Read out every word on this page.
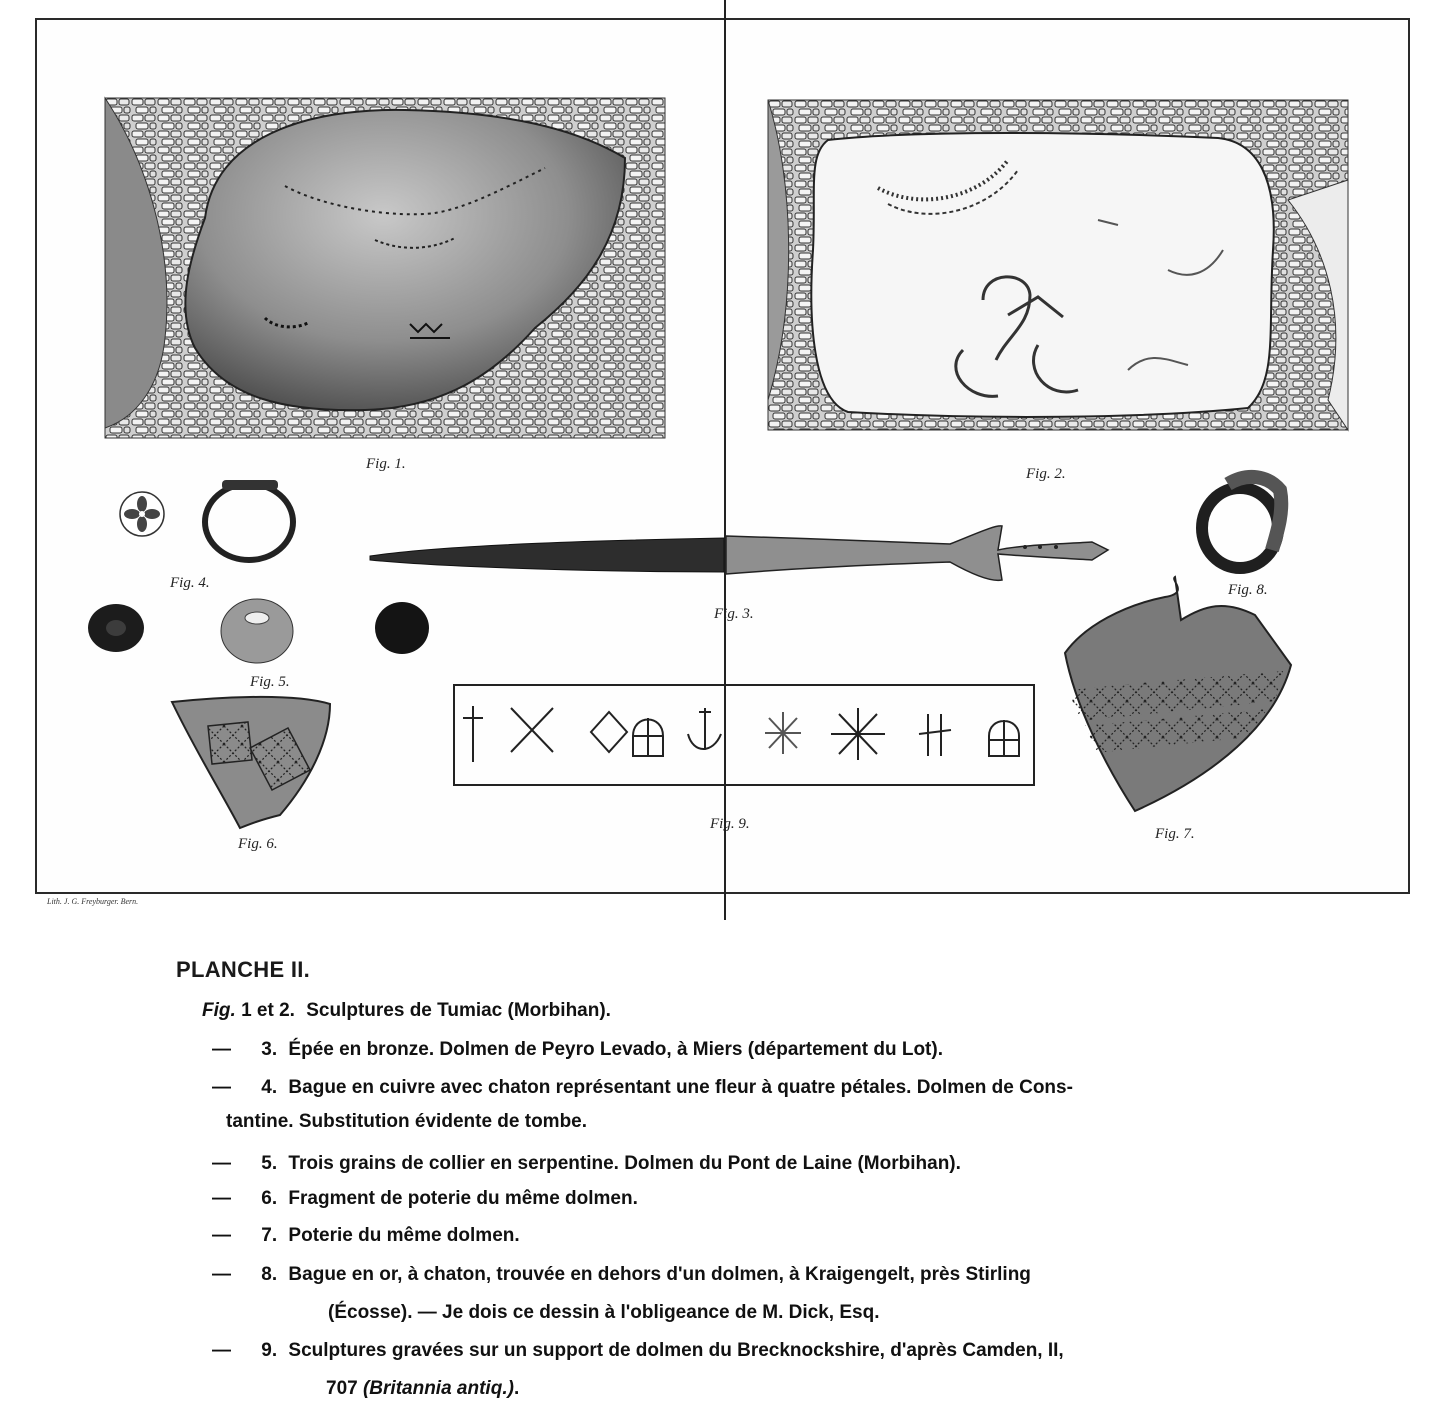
Lith. J. G. Freyburger. Bern.
Fig. 1.
Fig. 2.
Fig. 4.
Fig. 3.
Fig. 8.
Fig. 5.
Fig. 7.
Fig. 6.
Fig. 9.
PLANCHE II.
Fig. 1 et 2. Sculptures de Tumiac (Morbihan).
— 3. Épée en bronze. Dolmen de Peyro Levado, à Miers (département du Lot).
— 4. Bague en cuivre avec chaton représentant une fleur à quatre pétales. Dolmen de Cons-
tantine. Substitution évidente de tombe.
— 5. Trois grains de collier en serpentine. Dolmen du Pont de Laine (Morbihan).
— 6. Fragment de poterie du même dolmen.
— 7. Poterie du même dolmen.
— 8. Bague en or, à chaton, trouvée en dehors d'un dolmen, à Kraigengelt, près Stirling
(Écosse). — Je dois ce dessin à l'obligeance de M. Dick, Esq.
— 9. Sculptures gravées sur un support de dolmen du Brecknockshire, d'après Camden, II,
707 (Britannia antiq.).
